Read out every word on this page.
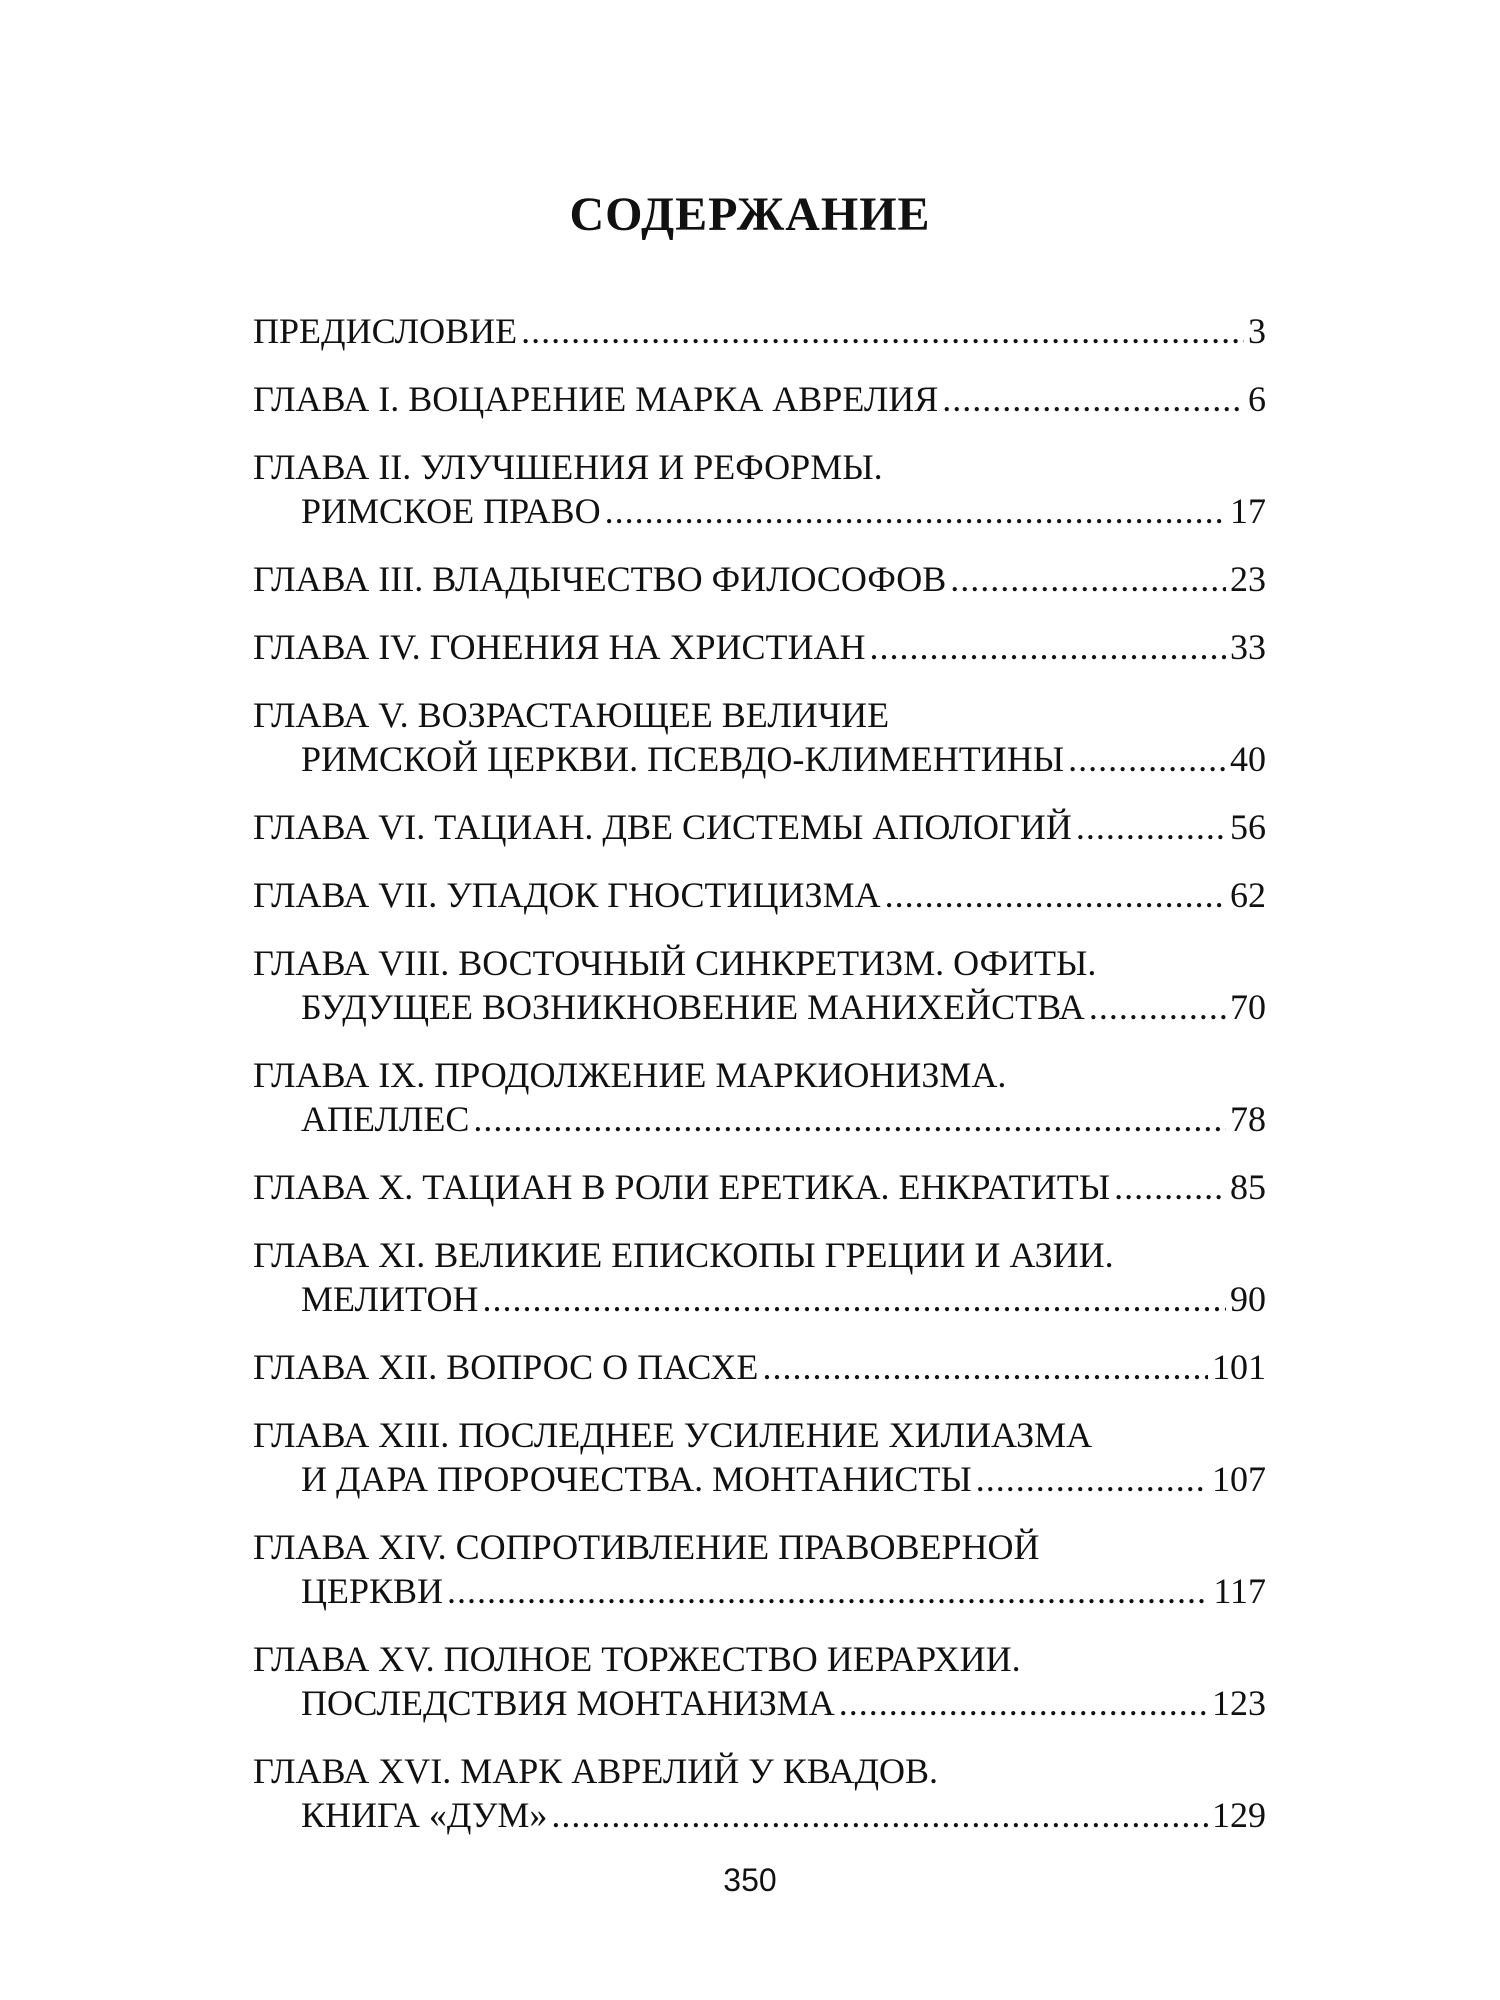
СОДЕРЖАНИЕ
ПРЕДИСЛОВИЕ .....	3
ГЛАВА I. ВОЦАРЕНИЕ МАРКА АВРЕЛИЯ .....	6
ГЛАВА II. УЛУЧШЕНИЯ И РЕФОРМЫ.
РИМСКОЕ ПРАВО .....	17
ГЛАВА III. ВЛАДЫЧЕСТВО ФИЛОСОФОВ .....	23
ГЛАВА IV. ГОНЕНИЯ НА ХРИСТИАН .....	33
ГЛАВА V. ВОЗРАСТАЮЩЕЕ ВЕЛИЧИЕ
РИМСКОЙ ЦЕРКВИ. ПСЕВДО-КЛИМЕНТИНЫ .....	40
ГЛАВА VI. ТАЦИАН. ДВЕ СИСТЕМЫ АПОЛОГИЙ .....	56
ГЛАВА VII. УПАДОК ГНОСТИЦИЗМА .....	62
ГЛАВА VIII. ВОСТОЧНЫЙ СИНКРЕТИЗМ. ОФИТЫ.
БУДУЩЕЕ ВОЗНИКНОВЕНИЕ МАНИХЕЙСТВА .....	70
ГЛАВА IX. ПРОДОЛЖЕНИЕ МАРКИОНИЗМА.
АПЕЛЛЕС .....	78
ГЛАВА X. ТАЦИАН В РОЛИ ЕРЕТИКА. ЕНКРАТИТЫ .....	85
ГЛАВА XI. ВЕЛИКИЕ ЕПИСКОПЫ ГРЕЦИИ И АЗИИ.
МЕЛИТОН .....	90
ГЛАВА XII. ВОПРОС О ПАСХЕ .....	101
ГЛАВА XIII. ПОСЛЕДНЕЕ УСИЛЕНИЕ ХИЛИАЗМА
И ДАРА ПРОРОЧЕСТВА. МОНТАНИСТЫ .....	107
ГЛАВА XIV. СОПРОТИВЛЕНИЕ ПРАВОВЕРНОЙ
ЦЕРКВИ .....	117
ГЛАВА XV. ПОЛНОЕ ТОРЖЕСТВО ИЕРАРХИИ.
ПОСЛЕДСТВИЯ МОНТАНИЗМА .....	123
ГЛАВА XVI. МАРК АВРЕЛИЙ У КВАДОВ.
КНИГА «ДУМ» .....	129
350
